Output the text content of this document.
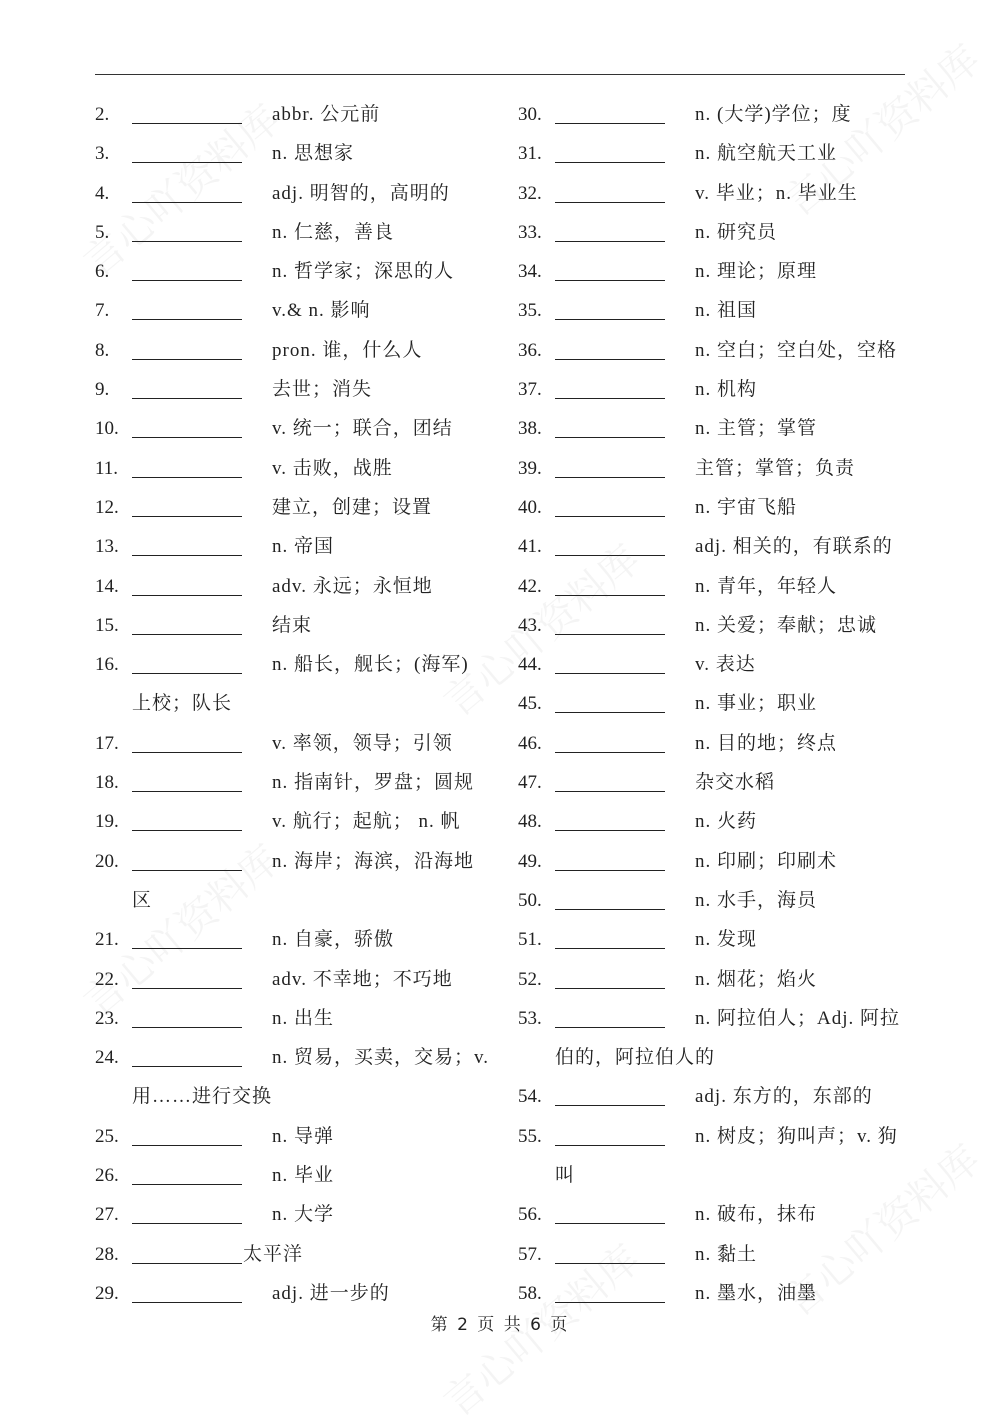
2.	abbr. 公元前
3.	n. 思想家
4.	adj. 明智的，高明的
5.	n. 仁慈，善良
6.	n. 哲学家；深思的人
7.	v.& n. 影响
8.	pron. 谁，什么人
9.	去世；消失
10.	v. 统一；联合，团结
11.	v. 击败，战胜
12.	建立，创建；设置
13.	n. 帝国
14.	adv. 永远；永恒地
15.	结束
16.	n. 船长，舰长；(海军)
上校；队长
17.	v. 率领，领导；引领
18.	n. 指南针，罗盘；圆规
19.	v. 航行；起航； n. 帆
20.	n. 海岸；海滨，沿海地
区
21.	n. 自豪，骄傲
22.	adv. 不幸地；不巧地
23.	n. 出生
24.	n. 贸易，买卖，交易；v.
用……进行交换
25.	n. 导弹
26.	n. 毕业
27.	n. 大学
28.	太平洋
29.	adj. 进一步的
30.	n. (大学)学位；度
31.	n. 航空航天工业
32.	v. 毕业；n. 毕业生
33.	n. 研究员
34.	n. 理论；原理
35.	n. 祖国
36.	n. 空白；空白处，空格
37.	n. 机构
38.	n. 主管；掌管
39.	主管；掌管；负责
40.	n. 宇宙飞船
41.	adj. 相关的，有联系的
42.	n. 青年，年轻人
43.	n. 关爱；奉献；忠诚
44.	v. 表达
45.	n. 事业；职业
46.	n. 目的地；终点
47.	杂交水稻
48.	n. 火药
49.	n. 印刷；印刷术
50.	n. 水手，海员
51.	n. 发现
52.	n. 烟花；焰火
53.	n. 阿拉伯人；Adj. 阿拉
伯的，阿拉伯人的
54.	adj. 东方的，东部的
55.	n. 树皮；狗叫声；v. 狗
叫
56.	n. 破布，抹布
57.	n. 黏土
58.	n. 墨水，油墨
第 2 页 共 6 页
